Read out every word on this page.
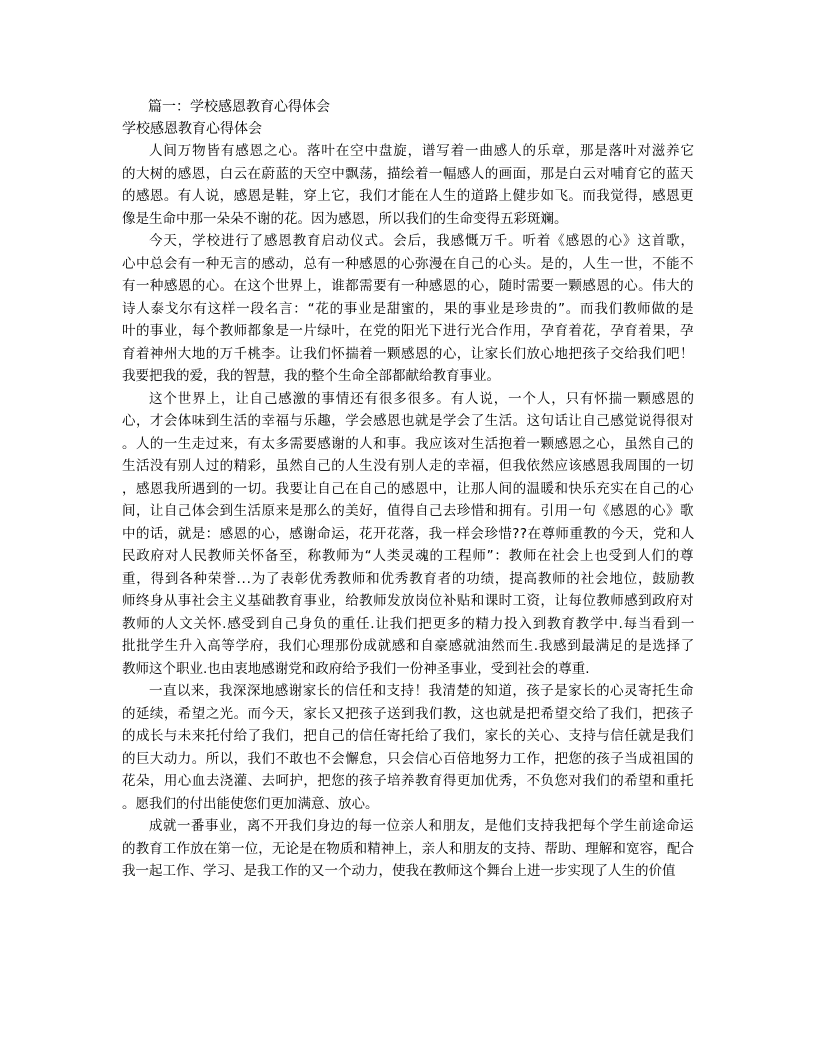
篇一：学校感恩教育心得体会

学校感恩教育心得体会

人间万物皆有感恩之心。落叶在空中盘旋，谱写着一曲感人的乐章，那是落叶对滋养它
的大树的感恩，白云在蔚蓝的天空中飘荡，描绘着一幅感人的画面，那是白云对哺育它的蓝天
的感恩。有人说，感恩是鞋，穿上它，我们才能在人生的道路上健步如飞。而我觉得，感恩更
像是生命中那一朵朵不谢的花。因为感恩，所以我们的生命变得五彩斑斓。

今天，学校进行了感恩教育启动仪式。会后，我感慨万千。听着《感恩的心》这首歌，
心中总会有一种无言的感动，总有一种感恩的心弥漫在自己的心头。是的，人生一世，不能不
有一种感恩的心。在这个世界上，谁都需要有一种感恩的心，随时需要一颗感恩的心。伟大的
诗人泰戈尔有这样一段名言：“花的事业是甜蜜的，果的事业是珍贵的”。而我们教师做的是
叶的事业，每个教师都象是一片绿叶，在党的阳光下进行光合作用，孕育着花，孕育着果，孕
育着神州大地的万千桃李。让我们怀揣着一颗感恩的心，让家长们放心地把孩子交给我们吧！
我要把我的爱，我的智慧，我的整个生命全部都献给教育事业。

这个世界上，让自己感激的事情还有很多很多。有人说，一个人，只有怀揣一颗感恩的
心，才会体味到生活的幸福与乐趣，学会感恩也就是学会了生活。这句话让自己感觉说得很对
。人的一生走过来，有太多需要感谢的人和事。我应该对生活抱着一颗感恩之心，虽然自己的
生活没有别人过的精彩，虽然自己的人生没有别人走的幸福，但我依然应该感恩我周围的一切
，感恩我所遇到的一切。我要让自己在自己的感恩中，让那人间的温暖和快乐充实在自己的心
间，让自己体会到生活原来是那么的美好，值得自己去珍惜和拥有。引用一句《感恩的心》歌
中的话，就是：感恩的心，感谢命运，花开花落，我一样会珍惜??在尊师重教的今天，党和人
民政府对人民教师关怀备至，称教师为“人类灵魂的工程师”：教师在社会上也受到人们的尊
重，得到各种荣誉...为了表彰优秀教师和优秀教育者的功绩，提高教师的社会地位，鼓励教
师终身从事社会主义基础教育事业，给教师发放岗位补贴和课时工资，让每位教师感到政府对
教师的人文关怀.感受到自己身负的重任.让我们把更多的精力投入到教育教学中.每当看到一
批批学生升入高等学府，我们心理那份成就感和自豪感就油然而生.我感到最满足的是选择了
教师这个职业.也由衷地感谢党和政府给予我们一份神圣事业，受到社会的尊重.

一直以来，我深深地感谢家长的信任和支持！我清楚的知道，孩子是家长的心灵寄托生命
的延续，希望之光。而今天，家长又把孩子送到我们教，这也就是把希望交给了我们，把孩子
的成长与未来托付给了我们，把自己的信任寄托给了我们，家长的关心、支持与信任就是我们
的巨大动力。所以，我们不敢也不会懈怠，只会信心百倍地努力工作，把您的孩子当成祖国的
花朵，用心血去浇灌、去呵护，把您的孩子培养教育得更加优秀，不负您对我们的希望和重托
。愿我们的付出能使您们更加满意、放心。

成就一番事业，离不开我们身边的每一位亲人和朋友，是他们支持我把每个学生前途命运
的教育工作放在第一位，无论是在物质和精神上，亲人和朋友的支持、帮助、理解和宽容，配合
我一起工作、学习、是我工作的又一个动力，使我在教师这个舞台上进一步实现了人生的价值
